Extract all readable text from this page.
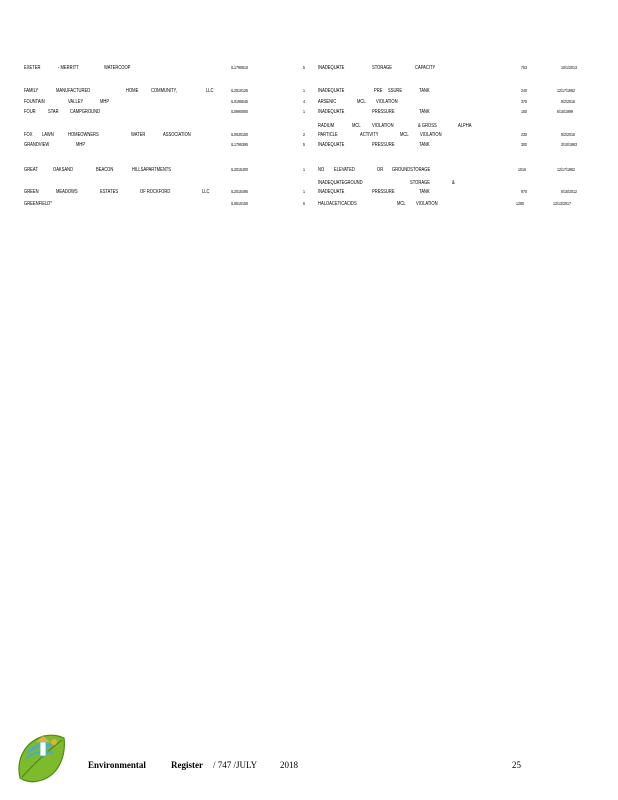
EXETER	- MERRITT	WATERCOOP	IL1790610	5	INADEQUATE	STORAGE	CAPACITY	763	10/1/2013
FAMILY	MANUFACTURED	HOME	COMMUNITY,	LLC	IL2010125	1	INADEQUATE	PRE SSURE	TANK	240	12/17/1982
FOUNTAIN	VALLEY	MHP	IL0195545	4	ARSENIC	MCL VIOLATION	375	8/2/2016
FOUR STAR CAMPGROUND	IL0990060	1	INADEQUATE	PRESSURE	TANK	150	6/15/1999
RADIUM	MCL VIOLATION	& GROSS	ALPHA
FOX LAWN	HOMEOWNERS	WATER	ASSOCIATION	IL0630150	2	PARTICLE	ACTIVITY	MCL VIOLATION	230	8/2/2016
GRANDVIEW	MHP	IL1795395	5	INADEQUATE	PRESSURE	TANK	300	3/10/1983
GREAT	OAKSAND	BEACON	HILLSAPARTMENTS	IL2015400	1	NO ELEVATED	OR GROUNDSTORAGE	1016	12/17/1982
INADEQUATEGROUND	STORAGE	&
GREEN	MEADOWS	ESTATES	OF ROCKFORD	LLC	IL2015495	1	INADEQUATE	PRESSURE	TANK	970	6/15/2012
GREENFIELD*	IL0610150	6	HALOACETICACIDS	MCL VIOLATION	1280	12/13/2017
Environmental	Register / 747 /JULY	2018	25
